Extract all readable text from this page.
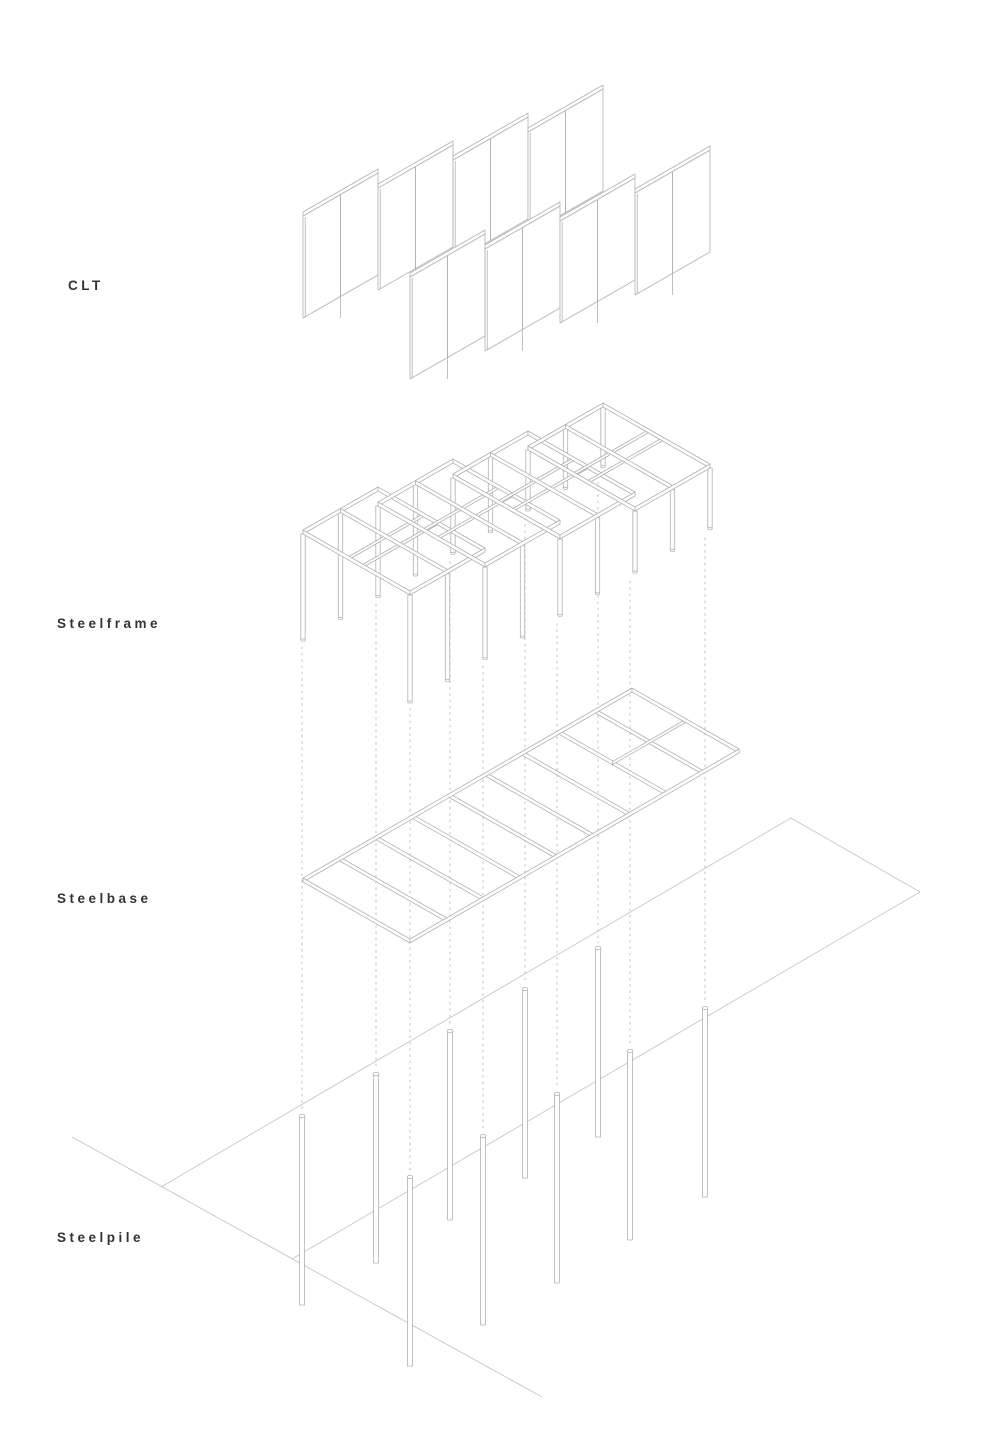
CLT
Steelframe
Steelbase
Steelpile
